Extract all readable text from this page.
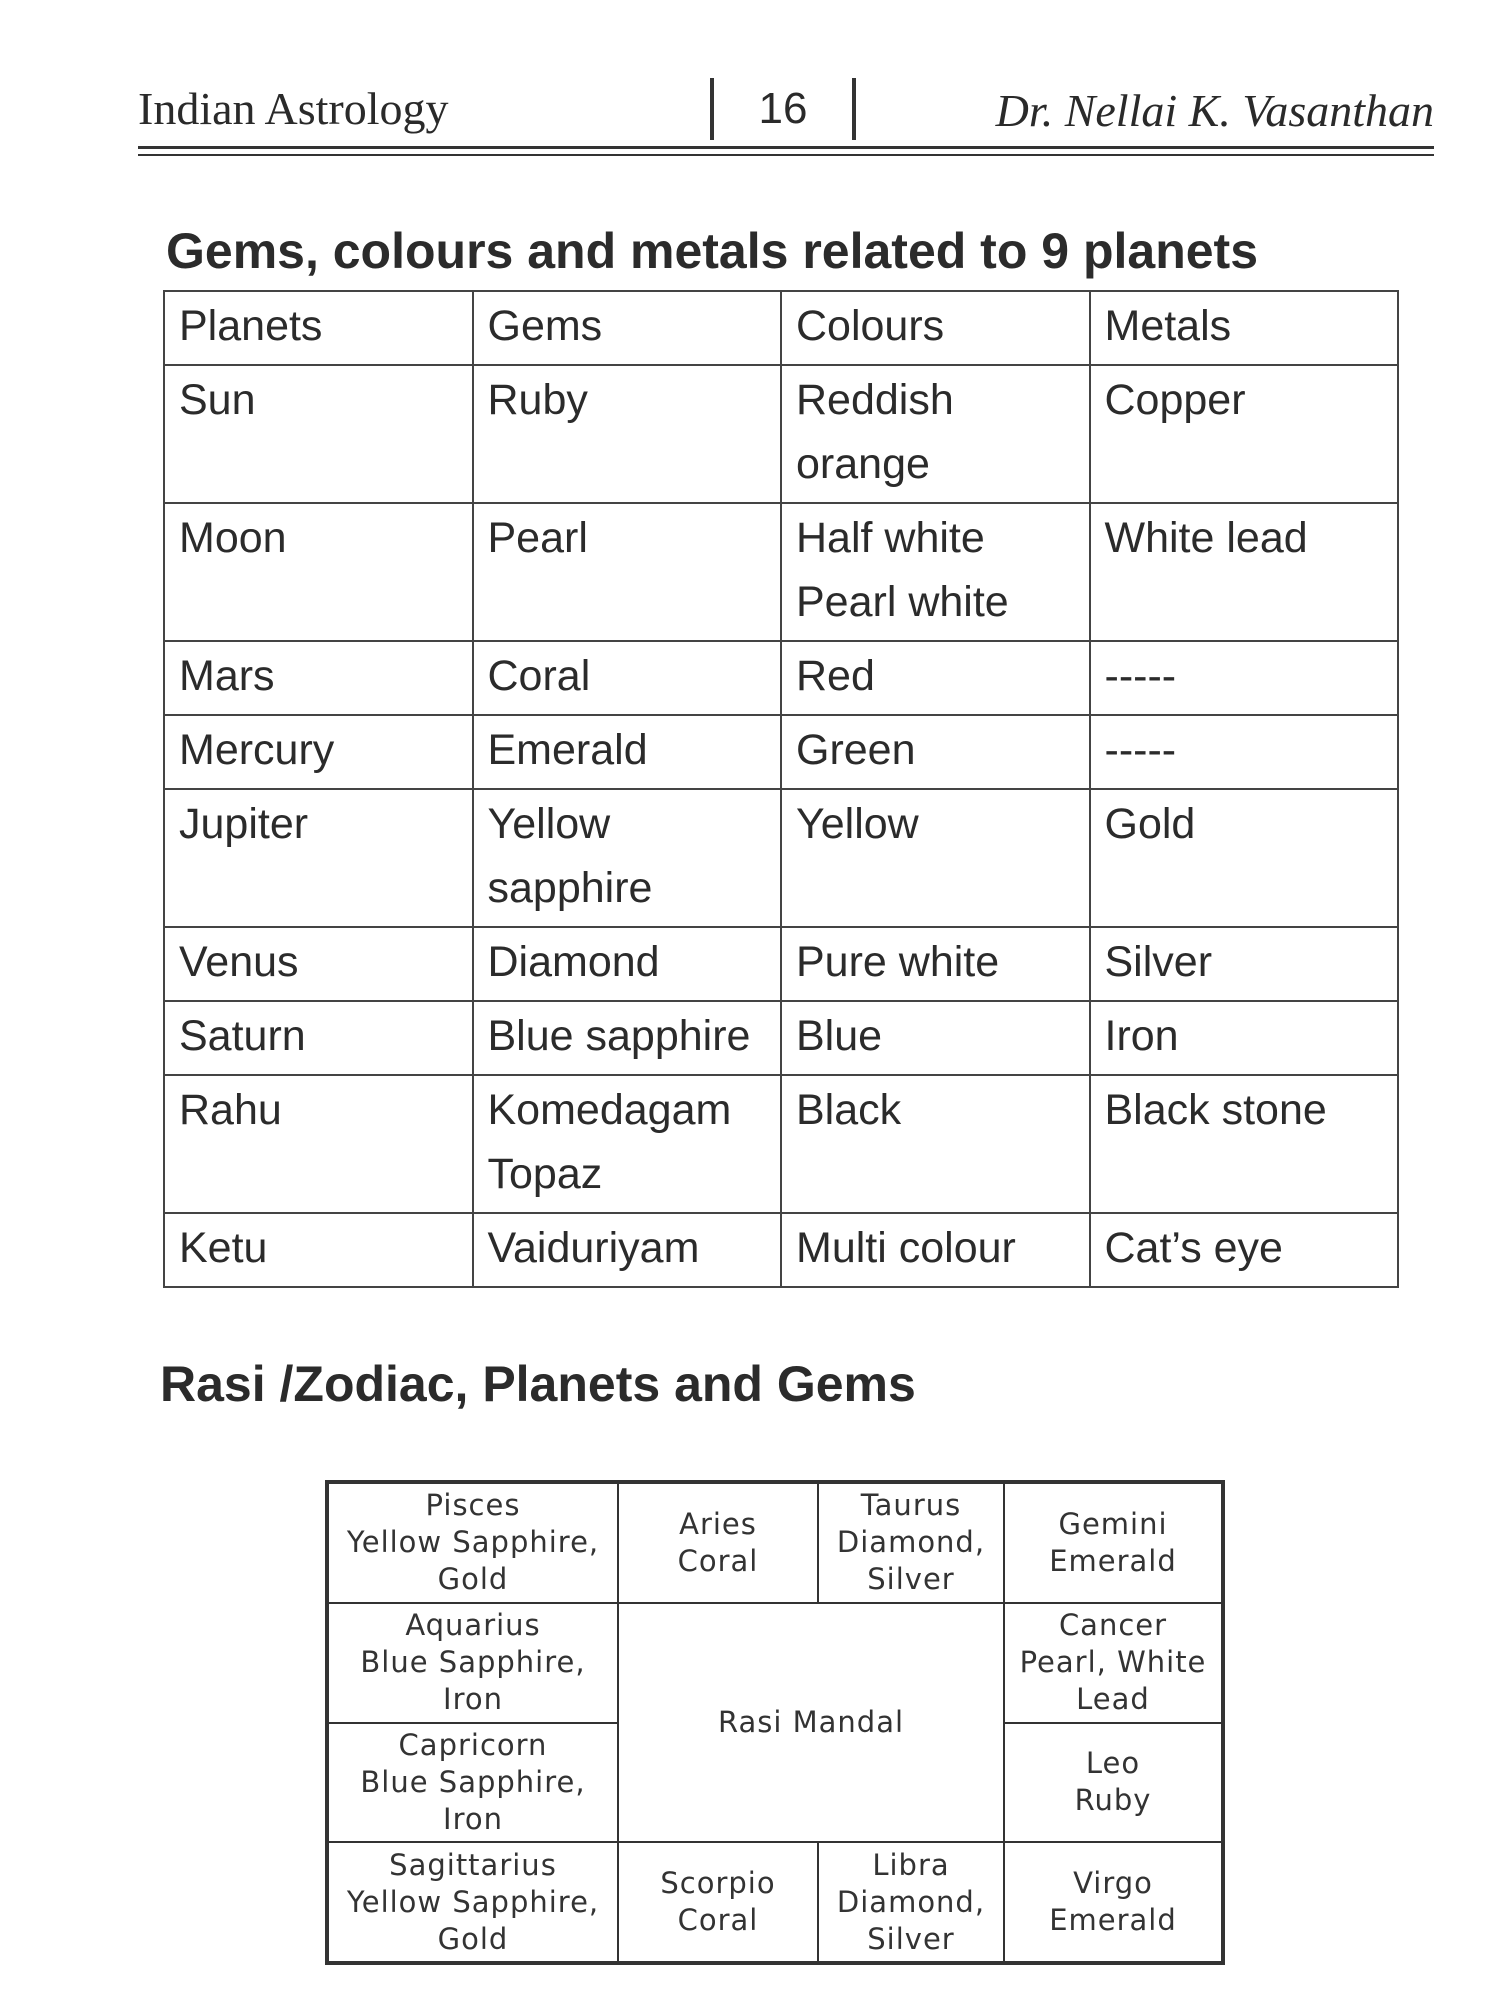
Indian Astrology	16	Dr. Nellai K. Vasanthan
Gems, colours and metals related to 9 planets
Planets	Gems	Colours	Metals
Sun	Ruby	Reddish orange	Copper
Moon	Pearl	Half white Pearl white	White lead
Mars	Coral	Red	-----
Mercury	Emerald	Green	-----
Jupiter	Yellow sapphire	Yellow	Gold
Venus	Diamond	Pure white	Silver
Saturn	Blue sapphire	Blue	Iron
Rahu	Komedagam Topaz	Black	Black stone
Ketu	Vaiduriyam	Multi colour	Cat’s eye
Rasi /Zodiac, Planets and Gems
Pisces
Yellow Sapphire,
Gold
Aries
Coral
Taurus
Diamond,
Silver
Gemini
Emerald
Aquarius
Blue Sapphire,
Iron
Rasi Mandal
Cancer
Pearl, White
Lead
Capricorn
Blue Sapphire,
Iron
Leo
Ruby
Sagittarius
Yellow Sapphire,
Gold
Scorpio
Coral
Libra
Diamond,
Silver
Virgo
Emerald
